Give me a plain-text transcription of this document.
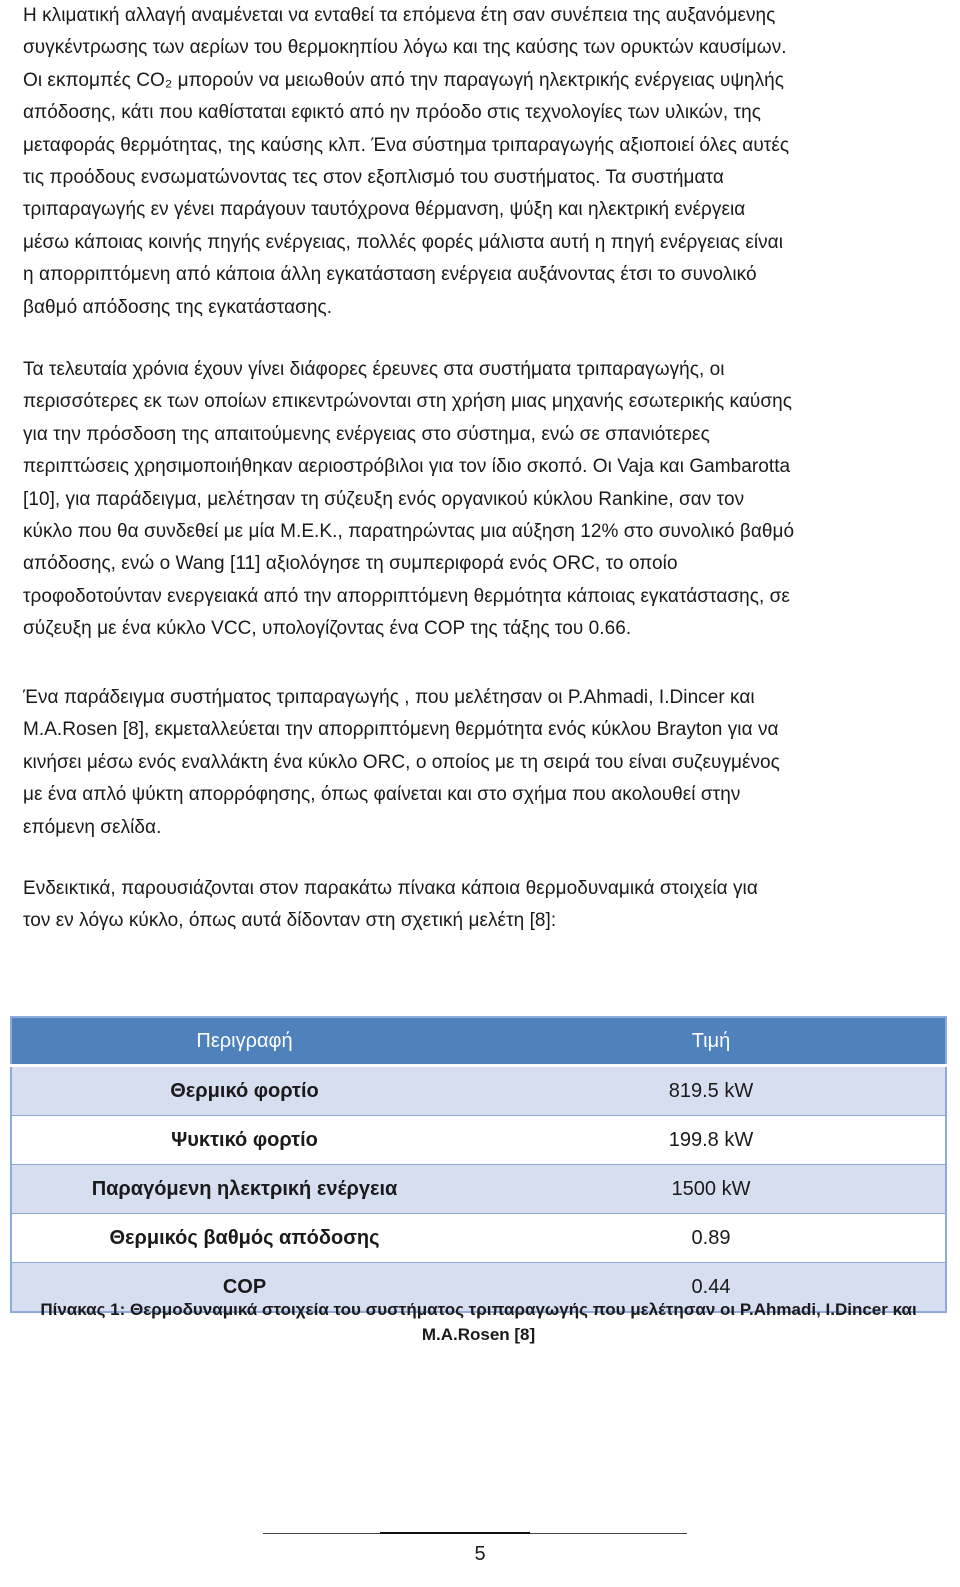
Η κλιματική αλλαγή αναμένεται να ενταθεί τα επόμενα έτη σαν συνέπεια της αυξανόμενης
συγκέντρωσης των αερίων του θερμοκηπίου λόγω και της καύσης των ορυκτών καυσίμων.
Οι εκπομπές CO₂ μπορούν να μειωθούν από την παραγωγή ηλεκτρικής ενέργειας υψηλής
απόδοσης, κάτι που καθίσταται εφικτό από ην πρόοδο στις τεχνολογίες των υλικών, της
μεταφοράς θερμότητας, της καύσης κλπ. Ένα σύστημα τριπαραγωγής αξιοποιεί όλες αυτές
τις προόδους ενσωματώνοντας τες στον εξοπλισμό του συστήματος. Τα συστήματα
τριπαραγωγής εν γένει παράγουν ταυτόχρονα θέρμανση, ψύξη και ηλεκτρική ενέργεια
μέσω κάποιας κοινής πηγής ενέργειας, πολλές φορές μάλιστα αυτή η πηγή ενέργειας είναι
η απορριπτόμενη από κάποια άλλη εγκατάσταση ενέργεια αυξάνοντας έτσι το συνολικό
βαθμό απόδοσης της εγκατάστασης.
Τα τελευταία χρόνια έχουν γίνει διάφορες έρευνες στα συστήματα τριπαραγωγής, οι
περισσότερες εκ των οποίων επικεντρώνονται στη χρήση μιας μηχανής εσωτερικής καύσης
για την πρόσδοση της απαιτούμενης ενέργειας στο σύστημα, ενώ σε σπανιότερες
περιπτώσεις χρησιμοποιήθηκαν αεριοστρόβιλοι για τον ίδιο σκοπό. Οι Vaja και Gambarotta
[10], για παράδειγμα, μελέτησαν τη σύζευξη ενός οργανικού κύκλου Rankine, σαν τον
κύκλο που θα συνδεθεί με μία Μ.Ε.Κ., παρατηρώντας μια αύξηση 12% στο συνολικό βαθμό
απόδοσης, ενώ ο Wang [11] αξιολόγησε τη συμπεριφορά ενός ORC, το οποίο
τροφοδοτούνταν ενεργειακά από την απορριπτόμενη θερμότητα κάποιας εγκατάστασης, σε
σύζευξη με ένα κύκλο VCC, υπολογίζοντας ένα COP της τάξης του 0.66.
Ένα παράδειγμα συστήματος τριπαραγωγής , που μελέτησαν οι P.Ahmadi, I.Dincer και
M.A.Rosen [8], εκμεταλλεύεται την απορριπτόμενη θερμότητα ενός κύκλου Brayton για να
κινήσει μέσω ενός εναλλάκτη ένα κύκλο ORC, ο οποίος με τη σειρά του είναι συζευγμένος
με ένα απλό ψύκτη απορρόφησης, όπως φαίνεται και στο σχήμα που ακολουθεί στην
επόμενη σελίδα.
Ενδεικτικά, παρουσιάζονται στον παρακάτω πίνακα κάποια θερμοδυναμικά στοιχεία για
τον εν λόγω κύκλο, όπως αυτά δίδονταν στη σχετική μελέτη [8]:
Περιγραφή	Τιμή
Θερμικό φορτίο	819.5 kW
Ψυκτικό φορτίο	199.8 kW
Παραγόμενη ηλεκτρική ενέργεια	1500 kW
Θερμικός βαθμός απόδοσης	0.89
COP	0.44
Πίνακας 1: Θερμοδυναμικά στοιχεία του συστήματος τριπαραγωγής που μελέτησαν οι P.Ahmadi, I.Dincer και
M.A.Rosen [8]
5
